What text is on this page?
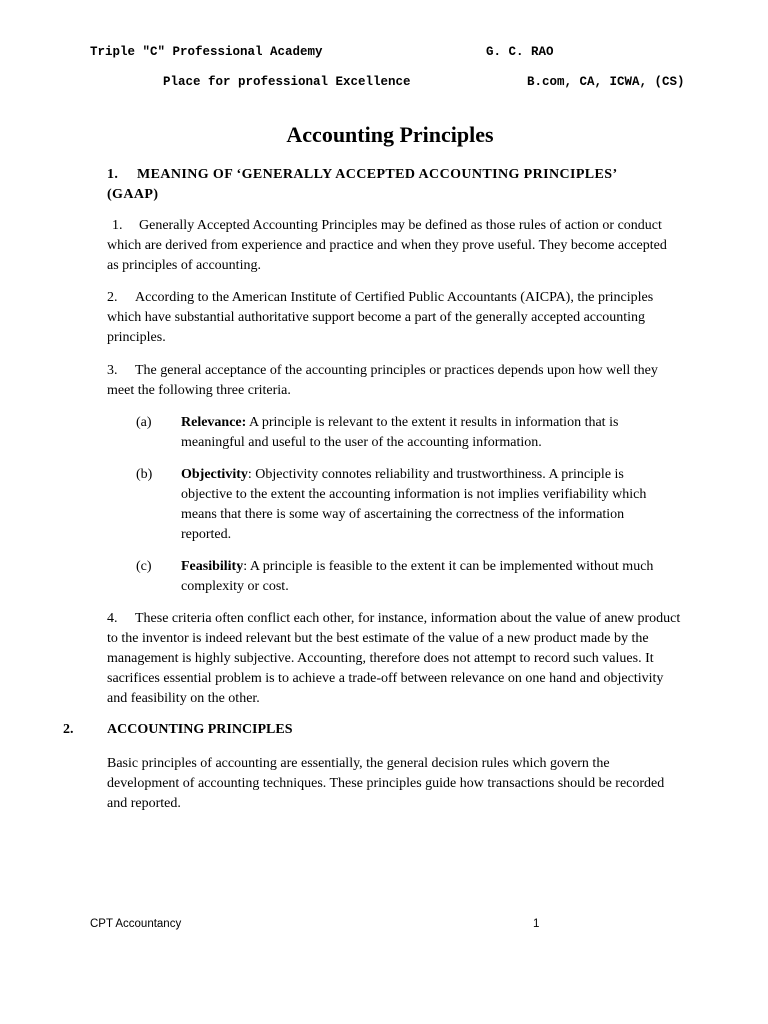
Triple "C" Professional Academy	G. C. RAO
Place for professional Excellence	B.com, CA, ICWA, (CS)
Accounting Principles
1. MEANING OF ‘GENERALLY ACCEPTED ACCOUNTING PRINCIPLES’ (GAAP)
1. Generally Accepted Accounting Principles may be defined as those rules of action or conduct which are derived from experience and practice and when they prove useful. They become accepted as principles of accounting.
2. According to the American Institute of Certified Public Accountants (AICPA), the principles which have substantial authoritative support become a part of the generally accepted accounting principles.
3. The general acceptance of the accounting principles or practices depends upon how well they meet the following three criteria.
(a) Relevance: A principle is relevant to the extent it results in information that is meaningful and useful to the user of the accounting information.
(b) Objectivity: Objectivity connotes reliability and trustworthiness. A principle is objective to the extent the accounting information is not implies verifiability which means that there is some way of ascertaining the correctness of the information reported.
(c) Feasibility: A principle is feasible to the extent it can be implemented without much complexity or cost.
4. These criteria often conflict each other, for instance, information about the value of anew product to the inventor is indeed relevant but the best estimate of the value of a new product made by the management is highly subjective. Accounting, therefore does not attempt to record such values. It sacrifices essential problem is to achieve a trade-off between relevance on one hand and objectivity and feasibility on the other.
2. ACCOUNTING PRINCIPLES
Basic principles of accounting are essentially, the general decision rules which govern the development of accounting techniques. These principles guide how transactions should be recorded and reported.
CPT Accountancy	1
